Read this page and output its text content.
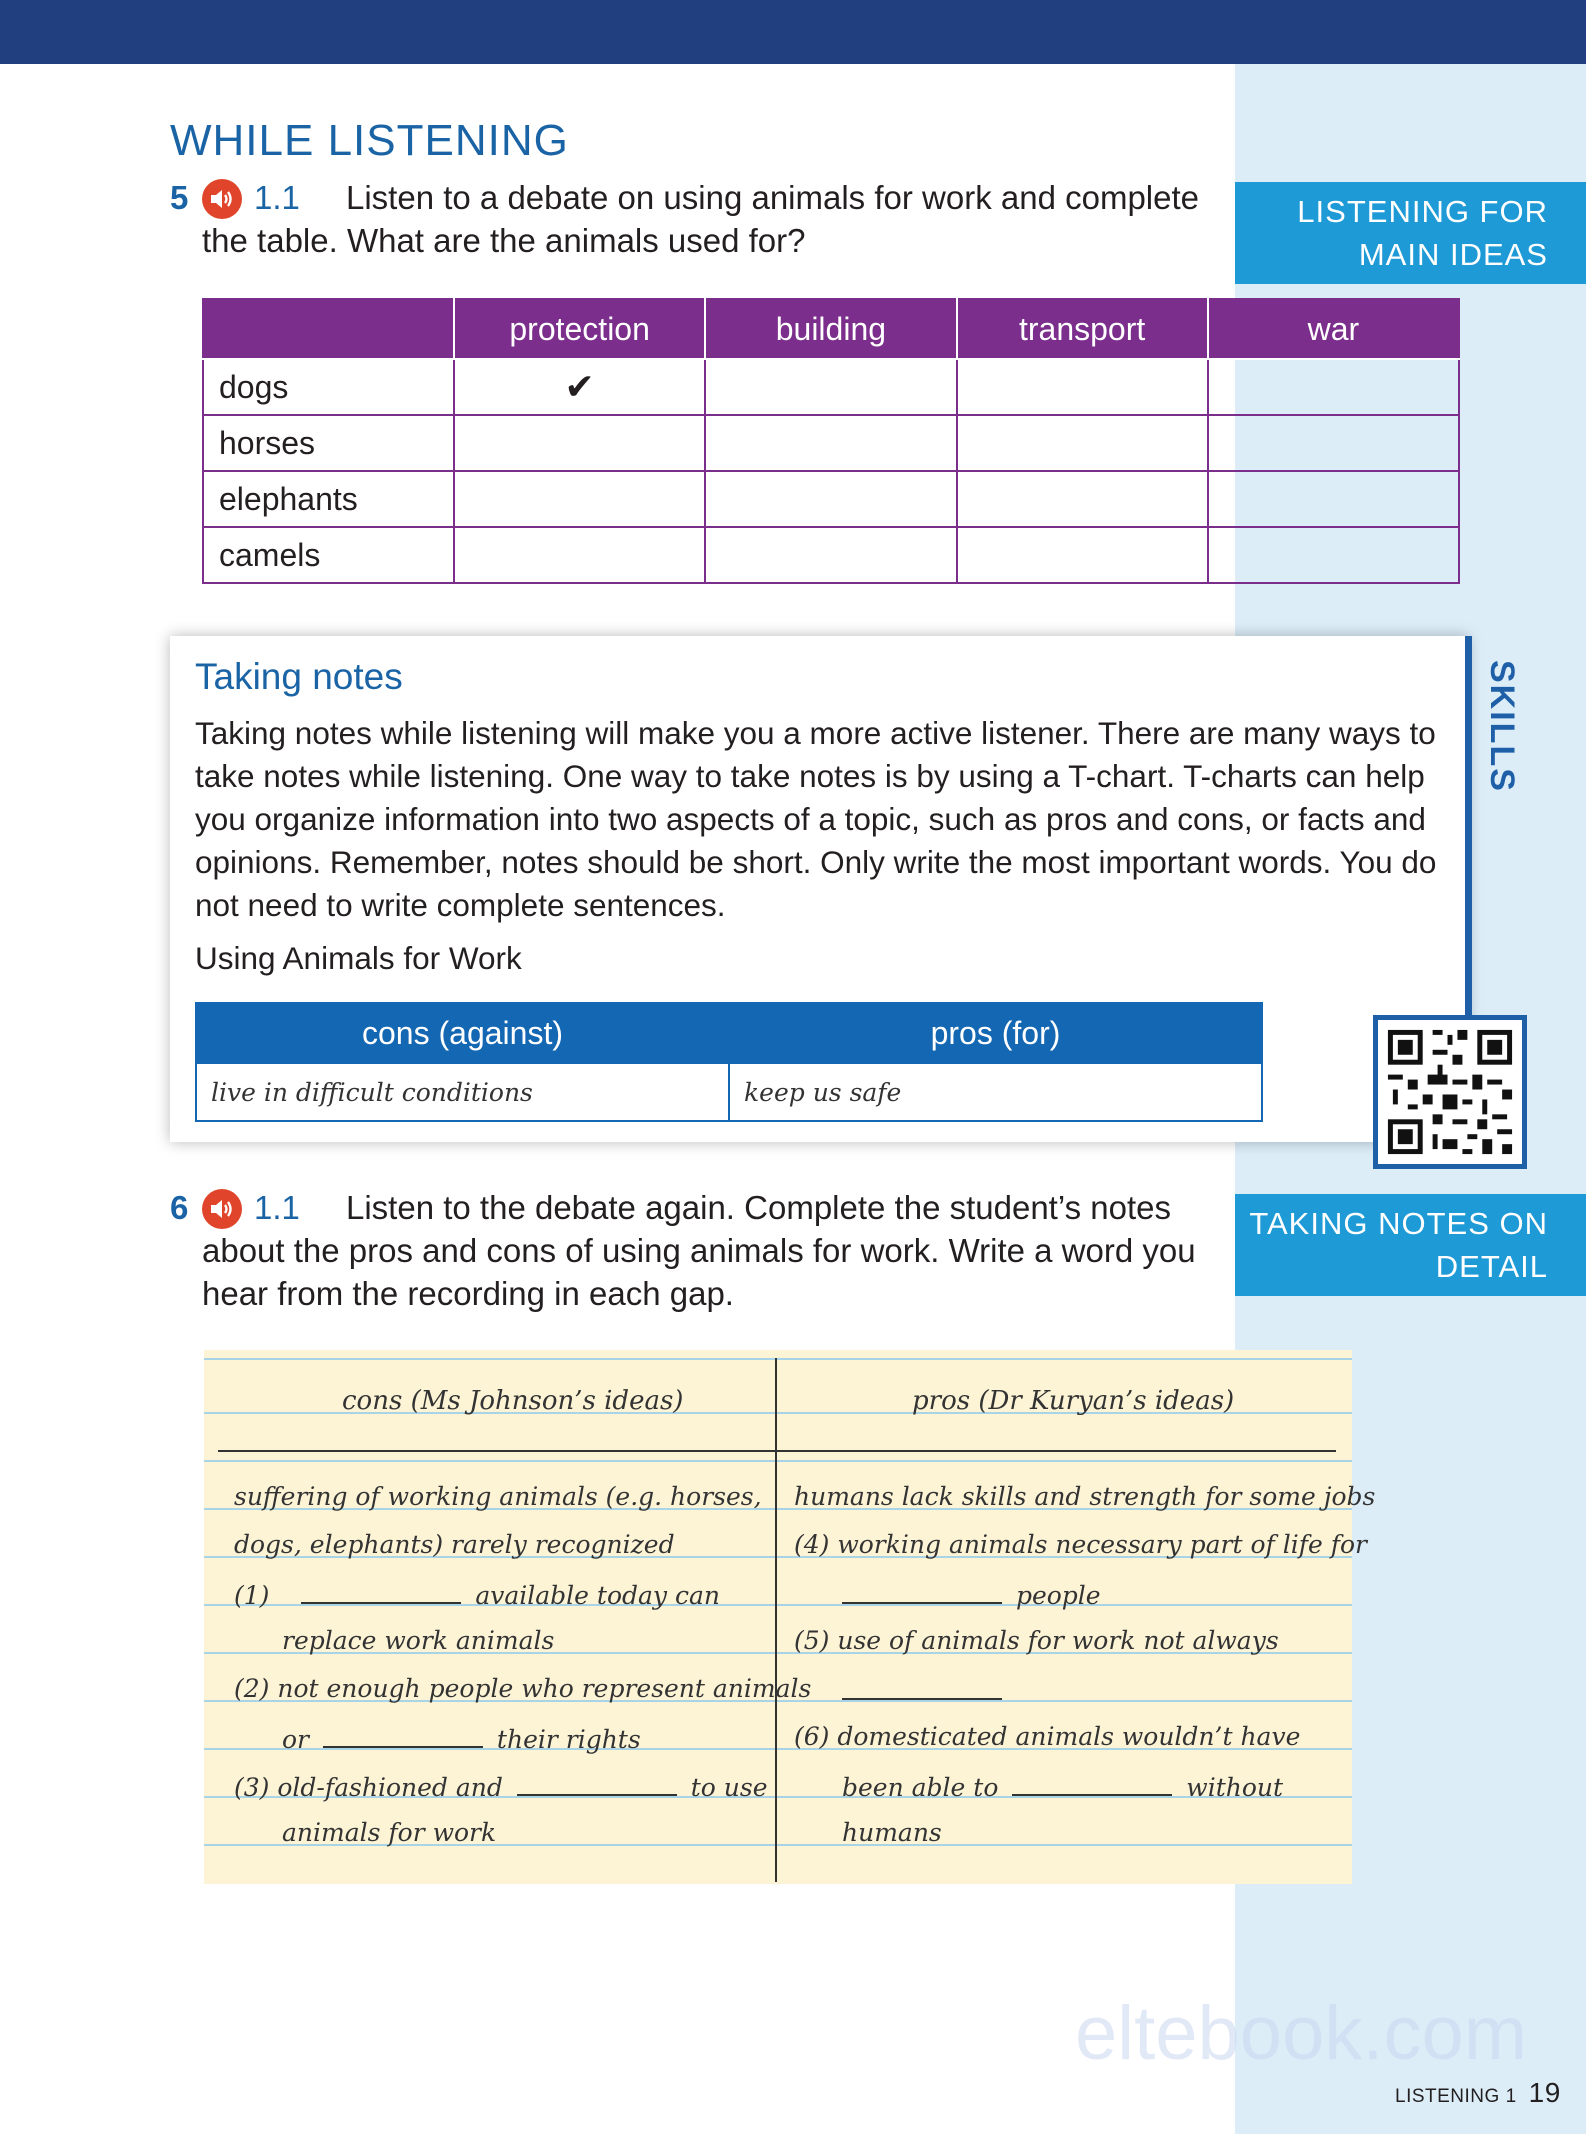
WHILE LISTENING
5 1.1	Listen to a debate on using animals for work and complete the table. What are the animals used for?

LISTENING FOR MAIN IDEAS
	protection	building	transport	war
dogs	✔			
horses				
elephants				
camels				
Taking notes

Taking notes while listening will make you a more active listener. There are many ways to take notes while listening. One way to take notes is by using a T-chart. T-charts can help you organize information into two aspects of a topic, such as pros and cons, or facts and opinions. Remember, notes should be short. Only write the most important words. You do not need to write complete sentences.

Using Animals for Work
cons (against)	pros (for)
live in difficult conditions	keep us safe
SKILLS
6 1.1	Listen to the debate again. Complete the student’s notes about the pros and cons of using animals for work. Write a word you hear from the recording in each gap.

TAKING NOTES ON DETAIL
cons (Ms Johnson’s ideas)	pros (Dr Kuryan’s ideas)
suffering of working animals (e.g. horses,
dogs, elephants) rarely recognized
(1)	available today can
replace work animals
(2) not enough people who represent animals
or	their rights
(3) old-fashioned and	to use
animals for work
humans lack skills and strength for some jobs
(4) working animals necessary part of life for
people
(5) use of animals for work not always
(6) domesticated animals wouldn’t have
been able to	without
humans
eltebook.com
LISTENING 1 19
